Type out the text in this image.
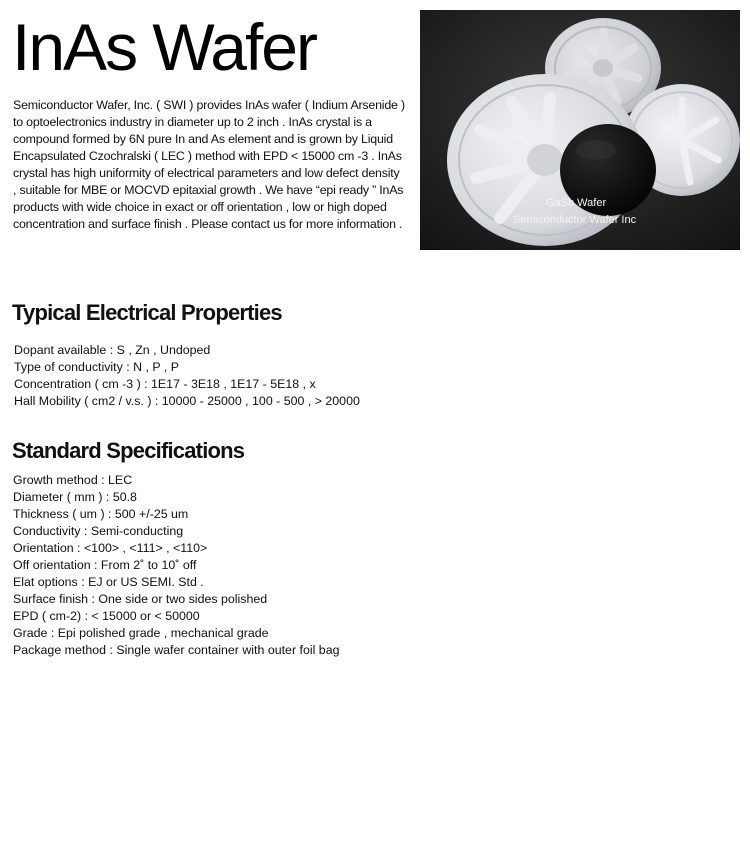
InAs Wafer

Semiconductor Wafer, Inc. ( SWI ) provides InAs wafer ( Indium Arsenide ) to optoelectronics industry in diameter up to 2 inch . InAs crystal is a compound formed by 6N pure In and As element and is grown by Liquid Encapsulated Czochralski ( LEC ) method with EPD < 15000 cm -3 . InAs crystal has high uniformity of electrical parameters and low defect density , suitable for MBE or MOCVD epitaxial growth . We have “epi ready ” InAs products with wide choice in exact or off orientation , low or high doped concentration and surface finish . Please contact us for more information .

GaSb Wafer
Semiconductor Wafer Inc
Typical Electrical Properties
Dopant available : S , Zn , Undoped
Type of conductivity : N , P , P
Concentration ( cm -3 ) : 1E17 - 3E18 , 1E17 - 5E18 , x
Hall Mobility ( cm2 / v.s. ) : 10000 - 25000 , 100 - 500 , > 20000
Standard Specifications
Growth method : LEC
Diameter ( mm ) : 50.8
Thickness ( um ) : 500 +/-25 um
Conductivity : Semi-conducting
Orientation : <100> , <111> , <110>
Off orientation : From 2˚ to 10˚ off
Elat options : EJ or US SEMI. Std .
Surface finish : One side or two sides polished
EPD ( cm-2) : < 15000 or < 50000
Grade : Epi polished grade , mechanical grade
Package method : Single wafer container with outer foil bag
